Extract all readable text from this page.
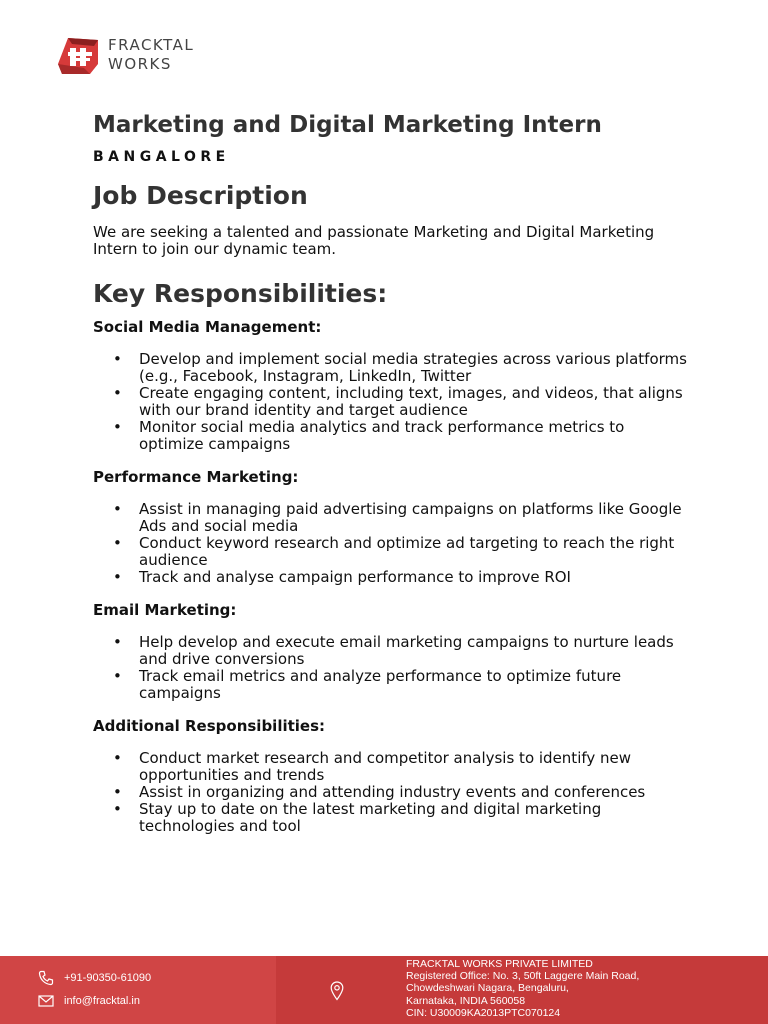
FRACKTAL
WORKS
Marketing and Digital Marketing Intern
BANGALORE
Job Description

We are seeking a talented and passionate Marketing and Digital Marketing Intern to join our dynamic team.

Key Responsibilities:
Social Media Management:
• Develop and implement social media strategies across various platforms (e.g., Facebook, Instagram, LinkedIn, Twitter
• Create engaging content, including text, images, and videos, that aligns with our brand identity and target audience
• Monitor social media analytics and track performance metrics to optimize campaigns
Performance Marketing:
• Assist in managing paid advertising campaigns on platforms like Google Ads and social media
• Conduct keyword research and optimize ad targeting to reach the right audience
• Track and analyse campaign performance to improve ROI
Email Marketing:
• Help develop and execute email marketing campaigns to nurture leads and drive conversions
• Track email metrics and analyze performance to optimize future campaigns
Additional Responsibilities:
• Conduct market research and competitor analysis to identify new opportunities and trends
• Assist in organizing and attending industry events and conferences
• Stay up to date on the latest marketing and digital marketing technologies and tool
+91-90350-61090
info@fracktal.in
FRACKTAL WORKS PRIVATE LIMITED
Registered Office: No. 3, 50ft Laggere Main Road,
Chowdeshwari Nagara, Bengaluru,
Karnataka, INDIA 560058
CIN: U30009KA2013PTC070124
